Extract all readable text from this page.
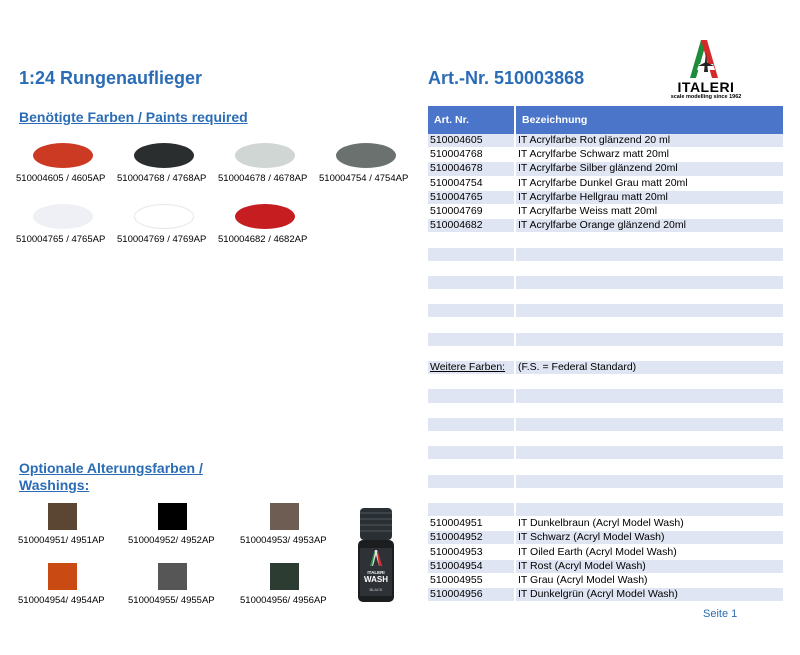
1:24 Rungenauflieger	Art.-Nr. 510003868	ITALERI
scale modelling since 1962
Benötigte Farben / Paints required
510004605 / 4605AP 510004768 / 4768AP 510004678 / 4678AP 510004754 / 4754AP
510004765 / 4765AP 510004769 / 4769AP 510004682 / 4682AP
Optionale Alterungsfarben /
Washings:
510004951/ 4951AP 510004952/ 4952AP	510004953/ 4953AP
510004954/ 4954AP 510004955/ 4955AP	510004956/ 4956AP
ITALERI
WASH
BLACK
Art. Nr.	Bezeichnung
510004605	IT Acrylfarbe Rot glänzend 20 ml
510004768	IT Acrylfarbe Schwarz matt 20ml
510004678	IT Acrylfarbe Silber glänzend 20ml
510004754	IT Acrylfarbe Dunkel Grau matt 20ml
510004765	IT Acrylfarbe Hellgrau matt 20ml
510004769	IT Acrylfarbe Weiss matt 20ml
510004682	IT Acrylfarbe Orange glänzend 20ml

Weitere Farben:	(F.S. = Federal Standard)

510004951	IT Dunkelbraun (Acryl Model Wash)
510004952	IT Schwarz (Acryl Model Wash)
510004953	IT Oiled Earth (Acryl Model Wash)
510004954	IT Rost (Acryl Model Wash)
510004955	IT Grau (Acryl Model Wash)
510004956	IT Dunkelgrün (Acryl Model Wash)

Seite 1
